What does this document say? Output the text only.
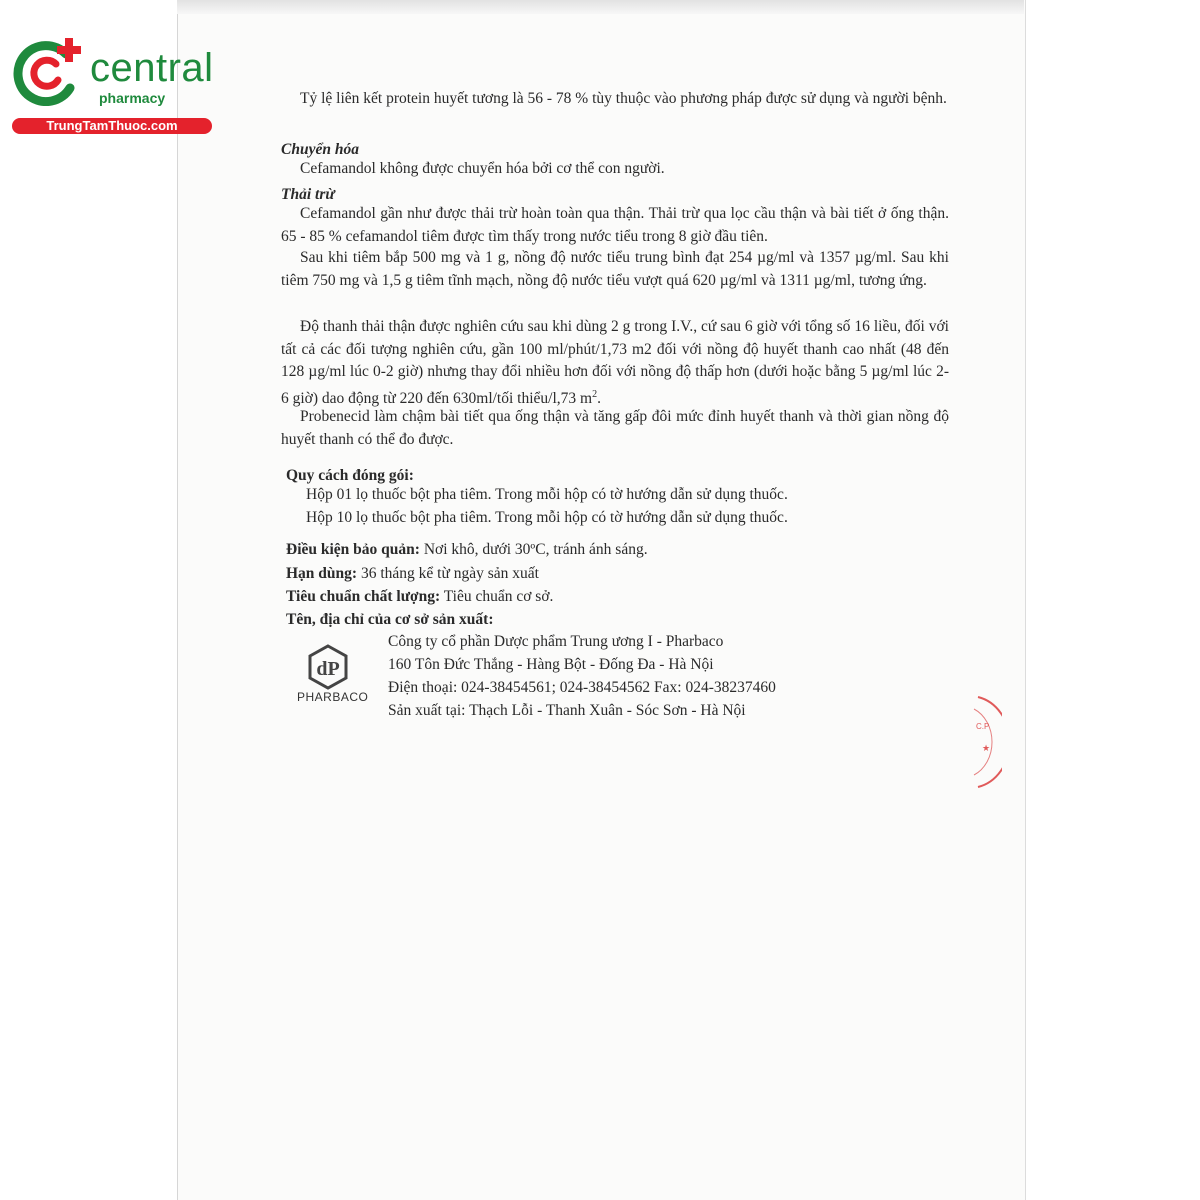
central
pharmacy
TrungTamThuoc.com

Tỷ lệ liên kết protein huyết tương là 56 - 78 % tùy thuộc vào phương pháp được sử dụng và người bệnh.

Chuyển hóa

Cefamandol không được chuyển hóa bởi cơ thể con người.

Thải trừ

Cefamandol gần như được thải trừ hoàn toàn qua thận. Thải trừ qua lọc cầu thận và bài tiết ở ống thận. 65 - 85 % cefamandol tiêm được tìm thấy trong nước tiểu trong 8 giờ đầu tiên.

Sau khi tiêm bắp 500 mg và 1 g, nồng độ nước tiểu trung bình đạt 254 µg/ml và 1357 µg/ml. Sau khi tiêm 750 mg và 1,5 g tiêm tĩnh mạch, nồng độ nước tiểu vượt quá 620 µg/ml và 1311 µg/ml, tương ứng.

Độ thanh thải thận được nghiên cứu sau khi dùng 2 g trong I.V., cứ sau 6 giờ với tổng số 16 liều, đối với tất cả các đối tượng nghiên cứu, gần 100 ml/phút/1,73 m2 đối với nồng độ huyết thanh cao nhất (48 đến 128 µg/ml lúc 0-2 giờ) nhưng thay đổi nhiều hơn đối với nồng độ thấp hơn (dưới hoặc bằng 5 µg/ml lúc 2-6 giờ) dao động từ 220 đến 630ml/tối thiểu/l,73 $m^2$.

Probenecid làm chậm bài tiết qua ống thận và tăng gấp đôi mức đỉnh huyết thanh và thời gian nồng độ huyết thanh có thể đo được.

Quy cách đóng gói:

Hộp 01 lọ thuốc bột pha tiêm. Trong mỗi hộp có tờ hướng dẫn sử dụng thuốc.

Hộp 10 lọ thuốc bột pha tiêm. Trong mỗi hộp có tờ hướng dẫn sử dụng thuốc.

Điều kiện bảo quản: Nơi khô, dưới 30ºC, tránh ánh sáng.

Hạn dùng: 36 tháng kể từ ngày sản xuất

Tiêu chuẩn chất lượng: Tiêu chuẩn cơ sở.

Tên, địa chỉ của cơ sở sản xuất:

Công ty cổ phần Dược phẩm Trung ương I - Pharbaco

160 Tôn Đức Thắng - Hàng Bột - Đống Đa - Hà Nội

Điện thoại: 024-38454561; 024-38454562 Fax: 024-38237460

Sản xuất tại: Thạch Lỗi - Thanh Xuân - Sóc Sơn - Hà Nội

dP
PHARBACO
C.P
★
